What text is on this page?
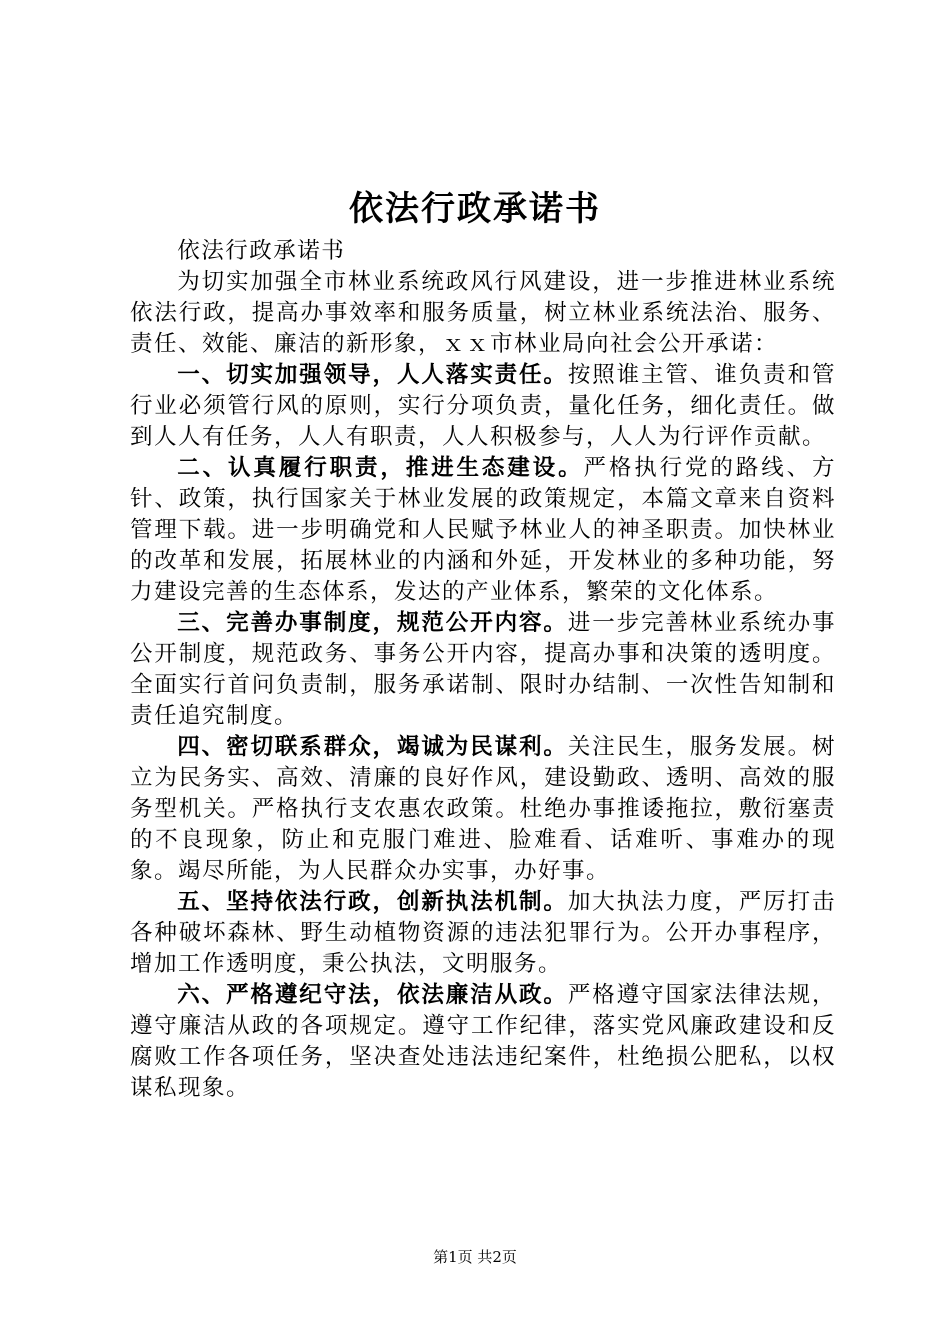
依法行政承诺书

依法行政承诺书

为切实加强全市林业系统政风行风建设，进一步推进林业系统依法行政，提高办事效率和服务质量，树立林业系统法治、服务、责任、效能、廉洁的新形象，ｘｘ市林业局向社会公开承诺：

一、切实加强领导，人人落实责任。按照谁主管、谁负责和管行业必须管行风的原则，实行分项负责，量化任务，细化责任。做到人人有任务，人人有职责，人人积极参与，人人为行评作贡献。

二、认真履行职责，推进生态建设。严格执行党的路线、方针、政策，执行国家关于林业发展的政策规定，本篇文章来自资料管理下载。进一步明确党和人民赋予林业人的神圣职责。加快林业的改革和发展，拓展林业的内涵和外延，开发林业的多种功能，努力建设完善的生态体系，发达的产业体系，繁荣的文化体系。

三、完善办事制度，规范公开内容。进一步完善林业系统办事公开制度，规范政务、事务公开内容，提高办事和决策的透明度。全面实行首问负责制，服务承诺制、限时办结制、一次性告知制和责任追究制度。

四、密切联系群众，竭诚为民谋利。关注民生，服务发展。树立为民务实、高效、清廉的良好作风，建设勤政、透明、高效的服务型机关。严格执行支农惠农政策。杜绝办事推诿拖拉，敷衍塞责的不良现象，防止和克服门难进、脸难看、话难听、事难办的现象。竭尽所能，为人民群众办实事，办好事。

五、坚持依法行政，创新执法机制。加大执法力度，严厉打击各种破坏森林、野生动植物资源的违法犯罪行为。公开办事程序，增加工作透明度，秉公执法，文明服务。

六、严格遵纪守法，依法廉洁从政。严格遵守国家法律法规，遵守廉洁从政的各项规定。遵守工作纪律，落实党风廉政建设和反腐败工作各项任务，坚决查处违法违纪案件，杜绝损公肥私，以权谋私现象。

第1页 共2页
